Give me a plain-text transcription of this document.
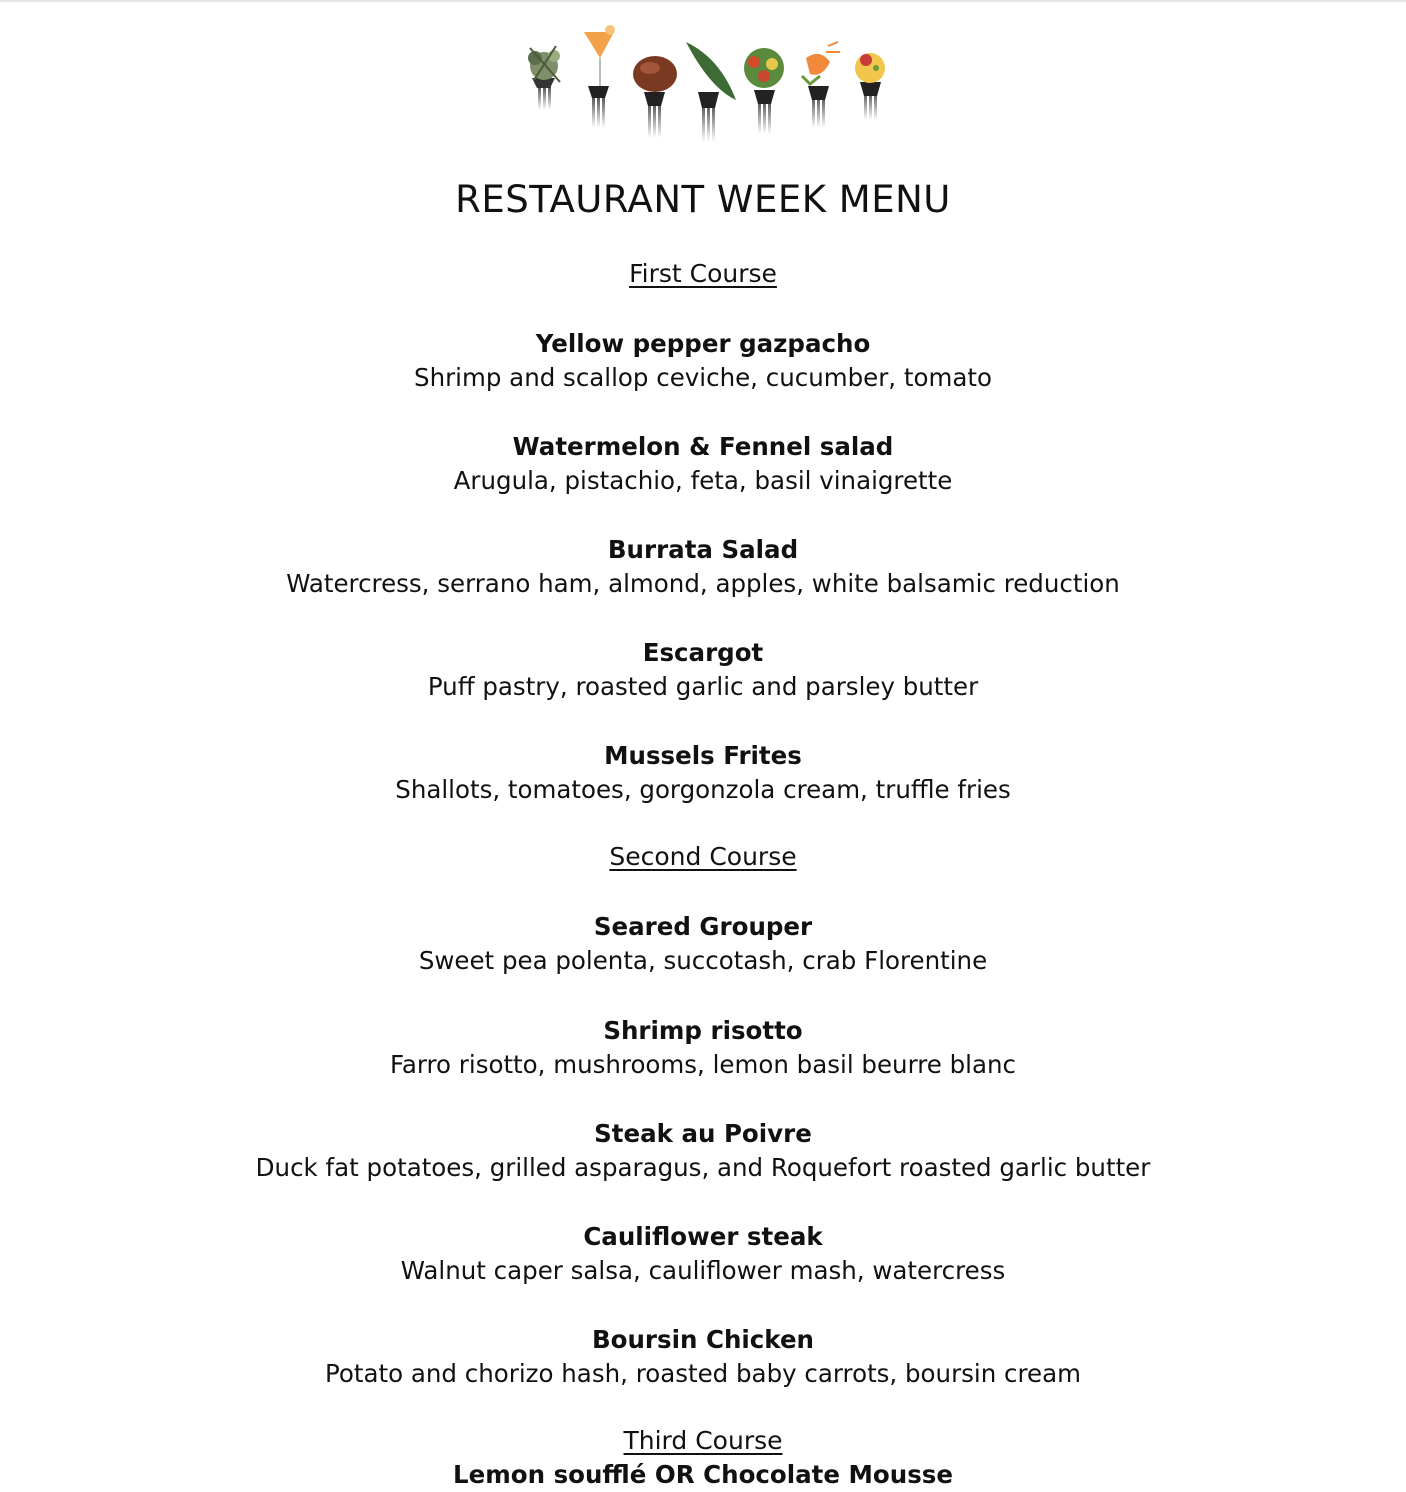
RESTAURANT WEEK MENU
First Course
Yellow pepper gazpacho
Shrimp and scallop ceviche, cucumber, tomato
Watermelon & Fennel salad
Arugula, pistachio, feta, basil vinaigrette
Burrata Salad
Watercress, serrano ham, almond, apples, white balsamic reduction
Escargot
Puff pastry, roasted garlic and parsley butter
Mussels Frites
Shallots, tomatoes, gorgonzola cream, truffle fries
Second Course
Seared Grouper
Sweet pea polenta, succotash, crab Florentine
Shrimp risotto
Farro risotto, mushrooms, lemon basil beurre blanc
Steak au Poivre
Duck fat potatoes, grilled asparagus, and Roquefort roasted garlic butter
Cauliflower steak
Walnut caper salsa, cauliflower mash, watercress
Boursin Chicken
Potato and chorizo hash, roasted baby carrots, boursin cream
Third Course
Lemon soufflé OR Chocolate Mousse
